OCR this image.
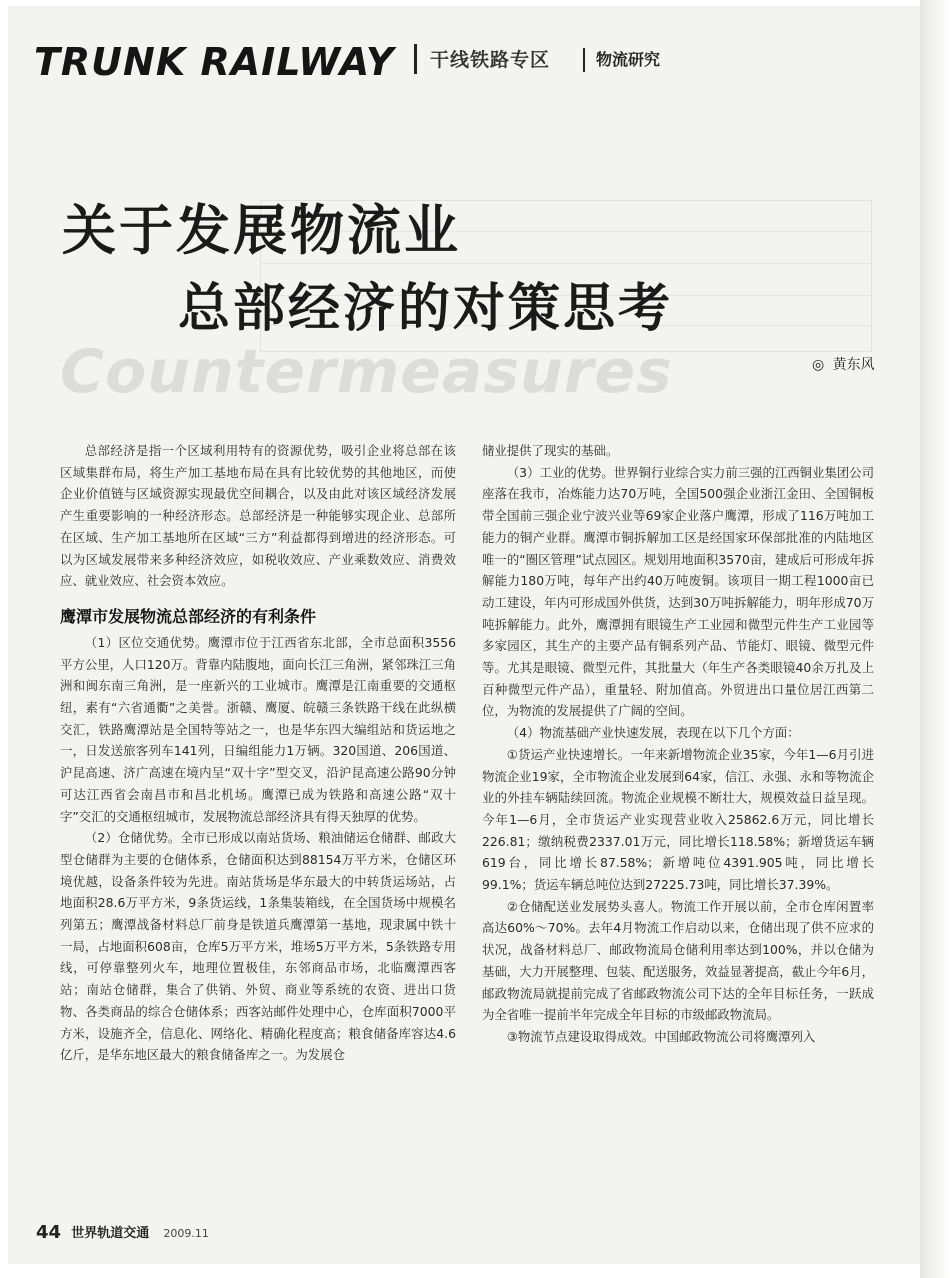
TRUNK RAILWAY 干线铁路专区	物流研究
关于发展物流业
总部经济的对策思考
Countermeasures	◎ 黄东风

总部经济是指一个区域利用特有的资源优势，吸引企业将总部在该区域集群布局，将生产加工基地布局在具有比较优势的其他地区，而使企业价值链与区域资源实现最优空间耦合，以及由此对该区域经济发展产生重要影响的一种经济形态。总部经济是一种能够实现企业、总部所在区域、生产加工基地所在区域“三方”利益都得到增进的经济形态。可以为区域发展带来多种经济效应，如税收效应、产业乘数效应、消费效应、就业效应、社会资本效应。

鹰潭市发展物流总部经济的有利条件

（1）区位交通优势。鹰潭市位于江西省东北部，全市总面积3556平方公里，人口120万。背靠内陆腹地，面向长江三角洲，紧邻珠江三角洲和闽东南三角洲，是一座新兴的工业城市。鹰潭是江南重要的交通枢纽，素有“六省通衢”之美誉。浙赣、鹰厦、皖赣三条铁路干线在此纵横交汇，铁路鹰潭站是全国特等站之一，也是华东四大编组站和货运地之一，日发送旅客列车141列，日编组能力1万辆。320国道、206国道、沪昆高速、济广高速在境内呈“双十字”型交叉，沿沪昆高速公路90分钟可达江西省会南昌市和昌北机场。鹰潭已成为铁路和高速公路“双十字”交汇的交通枢纽城市，发展物流总部经济具有得天独厚的优势。

（2）仓储优势。全市已形成以南站货场、粮油储运仓储群、邮政大型仓储群为主要的仓储体系，仓储面积达到88154万平方米，仓储区环境优越，设备条件较为先进。南站货场是华东最大的中转货运场站，占地面积28.6万平方米，9条货运线，1条集装箱线，在全国货场中规模名列第五；鹰潭战备材料总厂前身是铁道兵鹰潭第一基地，现隶属中铁十一局，占地面积608亩，仓库5万平方米，堆场5万平方米，5条铁路专用线，可停靠整列火车，地理位置极佳，东邻商品市场，北临鹰潭西客站；南站仓储群，集合了供销、外贸、商业等系统的农资、进出口货物、各类商品的综合仓储体系；西客站邮件处理中心，仓库面积7000平方米，设施齐全，信息化、网络化、精确化程度高；粮食储备库容达4.6亿斤，是华东地区最大的粮食储备库之一。为发展仓

储业提供了现实的基础。

（3）工业的优势。世界铜行业综合实力前三强的江西铜业集团公司座落在我市，冶炼能力达70万吨，全国500强企业浙江金田、全国铜板带全国前三强企业宁波兴业等69家企业落户鹰潭，形成了116万吨加工能力的铜产业群。鹰潭市铜拆解加工区是经国家环保部批准的内陆地区唯一的“圈区管理”试点园区。规划用地面积3570亩，建成后可形成年拆解能力180万吨，每年产出约40万吨废铜。该项目一期工程1000亩已动工建设，年内可形成国外供货，达到30万吨拆解能力，明年形成70万吨拆解能力。此外，鹰潭拥有眼镜生产工业园和微型元件生产工业园等多家园区，其生产的主要产品有铜系列产品、节能灯、眼镜、微型元件等。尤其是眼镜、微型元件，其批量大（年生产各类眼镜40余万扎及上百种微型元件产品），重量轻、附加值高。外贸进出口量位居江西第二位，为物流的发展提供了广阔的空间。

（4）物流基础产业快速发展，表现在以下几个方面：

①货运产业快速增长。一年来新增物流企业35家，今年1—6月引进物流企业19家，全市物流企业发展到64家，信江、永强、永和等物流企业的外挂车辆陆续回流。物流企业规模不断壮大，规模效益日益呈现。今年1—6月，全市货运产业实现营业收入25862.6万元，同比增长226.81；缴纳税费2337.01万元，同比增长118.58%；新增货运车辆619台，同比增长87.58%；新增吨位4391.905吨，同比增长99.1%；货运车辆总吨位达到27225.73吨，同比增长37.39%。

②仓储配送业发展势头喜人。物流工作开展以前，全市仓库闲置率高达60%～70%。去年4月物流工作启动以来，仓储出现了供不应求的状况，战备材料总厂、邮政物流局仓储利用率达到100%，并以仓储为基础，大力开展整理、包装、配送服务，效益显著提高，截止今年6月，邮政物流局就提前完成了省邮政物流公司下达的全年目标任务，一跃成为全省唯一提前半年完成全年目标的市级邮政物流局。

③物流节点建设取得成效。中国邮政物流公司将鹰潭列入

44 世界轨道交通 2009.11
